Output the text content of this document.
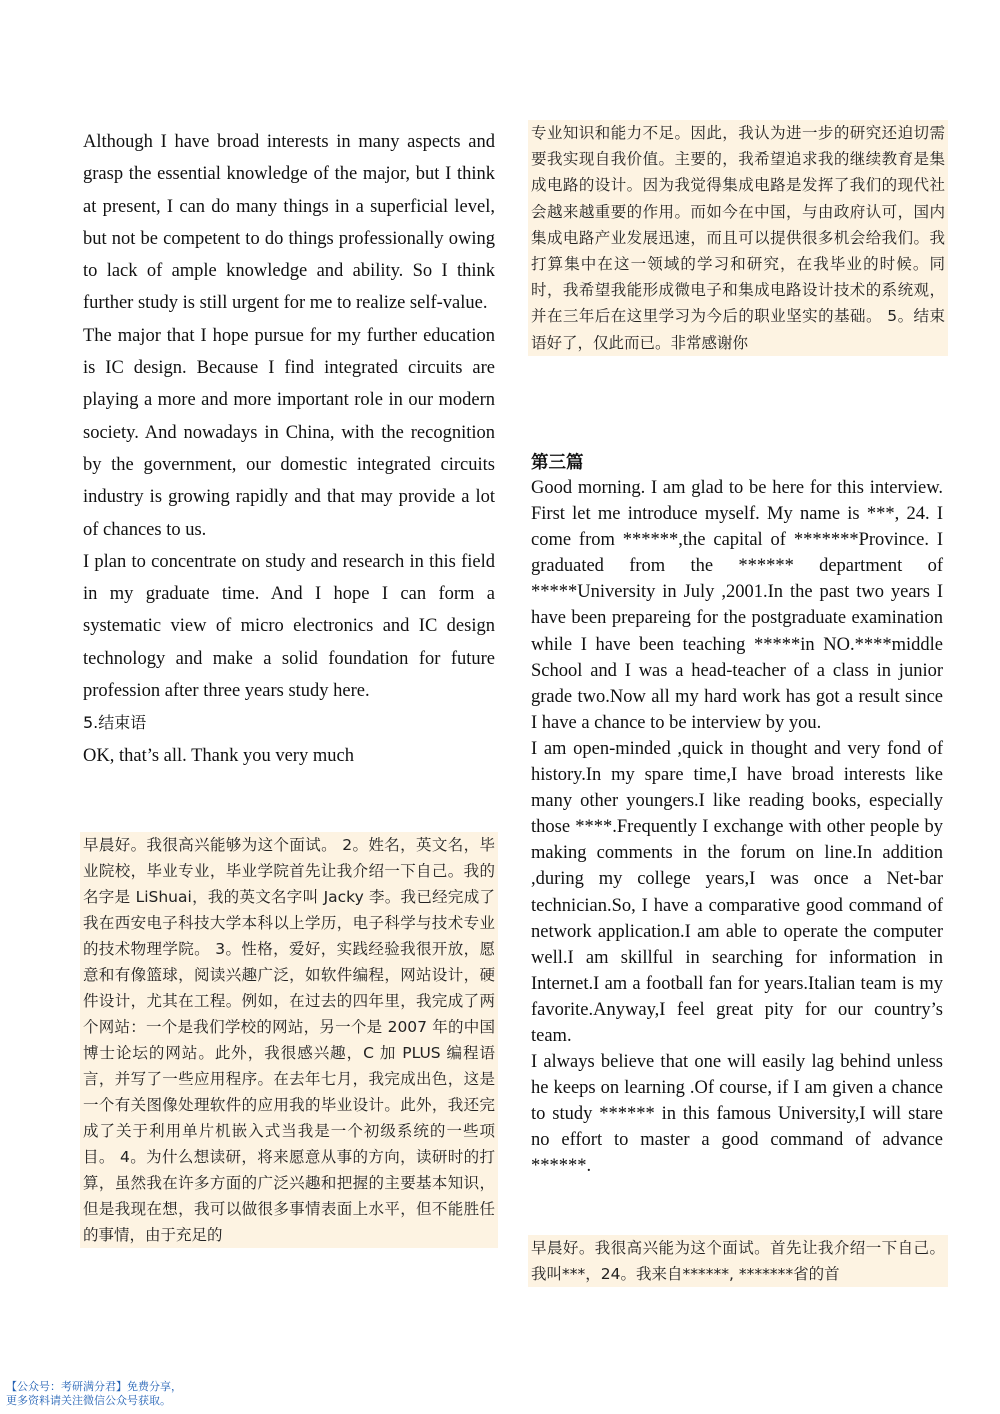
Although I have broad interests in many aspects and grasp the essential knowledge of the major, but I think at present, I can do many things in a superficial level, but not be competent to do things professionally owing to lack of ample knowledge and ability. So I think further study is still urgent for me to realize self-value.

The major that I hope pursue for my further education is IC design. Because I find integrated circuits are playing a more and more important role in our modern society. And nowadays in China, with the recognition by the government, our domestic integrated circuits industry is growing rapidly and that may provide a lot of chances to us.

I plan to concentrate on study and research in this field in my graduate time. And I hope I can form a systematic view of micro electronics and IC design technology and make a solid foundation for future profession after three years study here.

5.结束语

OK, that’s all. Thank you very much

早晨好。我很高兴能够为这个面试。 2。姓名，英文名，毕业院校，毕业专业，毕业学院首先让我介绍一下自己。我的名字是 LiShuai，我的英文名字叫 Jacky 李。我已经完成了我在西安电子科技大学本科以上学历，电子科学与技术专业的技术物理学院。 3。性格，爱好，实践经验我很开放，愿意和有像篮球，阅读兴趣广泛，如软件编程，网站设计，硬件设计，尤其在工程。例如，在过去的四年里，我完成了两个网站：一个是我们学校的网站，另一个是 2007 年的中国博士论坛的网站。此外，我很感兴趣，C 加 PLUS 编程语言，并写了一些应用程序。在去年七月，我完成出色，这是一个有关图像处理软件的应用我的毕业设计。此外，我还完成了关于利用单片机嵌入式当我是一个初级系统的一些项目。 4。为什么想读研，将来愿意从事的方向，读研时的打算，虽然我在许多方面的广泛兴趣和把握的主要基本知识，但是我现在想，我可以做很多事情表面上水平，但不能胜任的事情，由于充足的

专业知识和能力不足。因此，我认为进一步的研究还迫切需要我实现自我价值。主要的，我希望追求我的继续教育是集成电路的设计。因为我觉得集成电路是发挥了我们的现代社会越来越重要的作用。而如今在中国，与由政府认可，国内集成电路产业发展迅速，而且可以提供很多机会给我们。我打算集中在这一领域的学习和研究，在我毕业的时候。同时，我希望我能形成微电子和集成电路设计技术的系统观，并在三年后在这里学习为今后的职业坚实的基础。 5。结束语好了，仅此而已。非常感谢你

第三篇

Good morning. I am glad to be here for this interview. First let me introduce myself. My name is ***, 24. I come from ******,the capital of *******Province. I graduated from the ****** department of *****University in July ,2001.In the past two years I have been prepareing for the postgraduate examination while I have been teaching *****in NO.****middle School and I was a head-teacher of a class in junior grade two.Now all my hard work has got a result since I have a chance to be interview by you.

I am open-minded ,quick in thought and very fond of history.In my spare time,I have broad interests like many other youngers.I like reading books, especially those ****.Frequently I exchange with other people by making comments in the forum on line.In addition ,during my college years,I was once a Net-bar technician.So, I have a comparative good command of network application.I am able to operate the computer well.I am skillful in searching for information in Internet.I am a football fan for years.Italian team is my favorite.Anyway,I feel great pity for our country’s team.

I always believe that one will easily lag behind unless he keeps on learning .Of course, if I am given a chance to study ****** in this famous University,I will stare no effort to master a good command of advance ******.

早晨好。我很高兴能为这个面试。首先让我介绍一下自己。我叫***，24。我来自******, *******省的首

【公众号：考研满分君】免费分享，
更多资料请关注微信公众号获取。
